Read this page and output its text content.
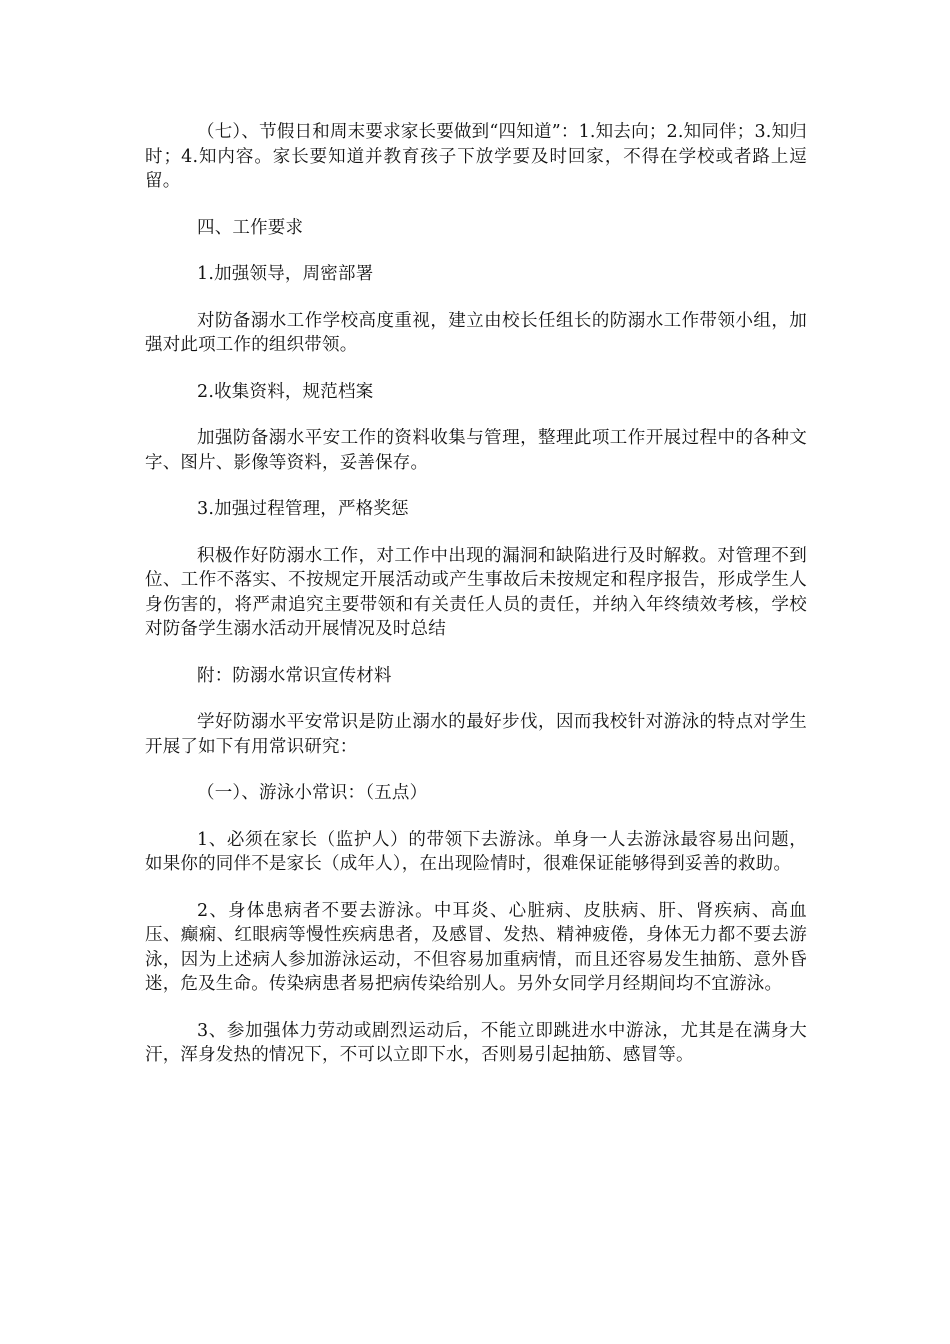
（七）、节假日和周末要求家长要做到“四知道”：1.知去向；2.知同伴；3.知归时；4.知内容。家长要知道并教育孩子下放学要及时回家，不得在学校或者路上逗留。

四、工作要求

1.加强领导，周密部署

对防备溺水工作学校高度重视，建立由校长任组长的防溺水工作带领小组，加强对此项工作的组织带领。

2.收集资料，规范档案

加强防备溺水平安工作的资料收集与管理，整理此项工作开展过程中的各种文字、图片、影像等资料，妥善保存。

3.加强过程管理，严格奖惩

积极作好防溺水工作，对工作中出现的漏洞和缺陷进行及时解救。对管理不到位、工作不落实、不按规定开展活动或产生事故后未按规定和程序报告，形成学生人身伤害的，将严肃追究主要带领和有关责任人员的责任，并纳入年终绩效考核，学校对防备学生溺水活动开展情况及时总结

附：防溺水常识宣传材料

学好防溺水平安常识是防止溺水的最好步伐，因而我校针对游泳的特点对学生开展了如下有用常识研究：

（一）、游泳小常识：（五点）

1、必须在家长（监护人）的带领下去游泳。单身一人去游泳最容易出问题，如果你的同伴不是家长（成年人），在出现险情时，很难保证能够得到妥善的救助。

2、身体患病者不要去游泳。中耳炎、心脏病、皮肤病、肝、肾疾病、高血压、癫痫、红眼病等慢性疾病患者，及感冒、发热、精神疲倦，身体无力都不要去游泳，因为上述病人参加游泳运动，不但容易加重病情，而且还容易发生抽筋、意外昏迷，危及生命。传染病患者易把病传染给别人。另外女同学月经期间均不宜游泳。

3、参加强体力劳动或剧烈运动后，不能立即跳进水中游泳，尤其是在满身大汗，浑身发热的情况下，不可以立即下水，否则易引起抽筋、感冒等。
